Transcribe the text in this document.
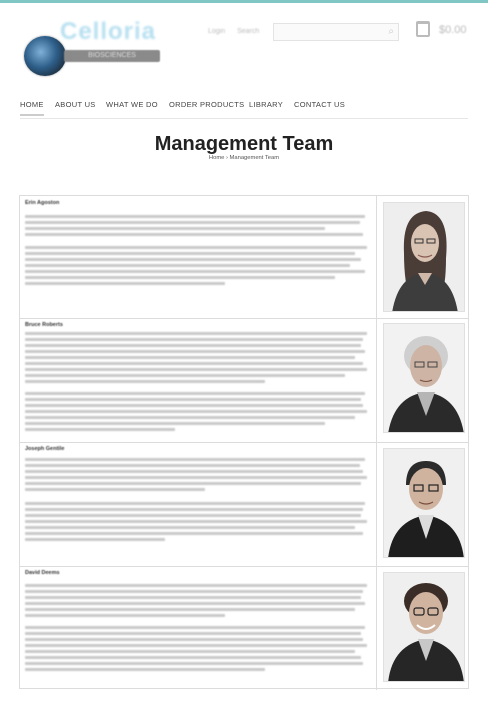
Celloria
BIOSCIENCES
Login Search	⌕	$0.00
HOME ABOUT US WHAT WE DO ORDER PRODUCTS LIBRARY CONTACT US
Management Team
Home › Management Team
Erin Agoston
Bruce Roberts
Joseph Gentile
David Deems
